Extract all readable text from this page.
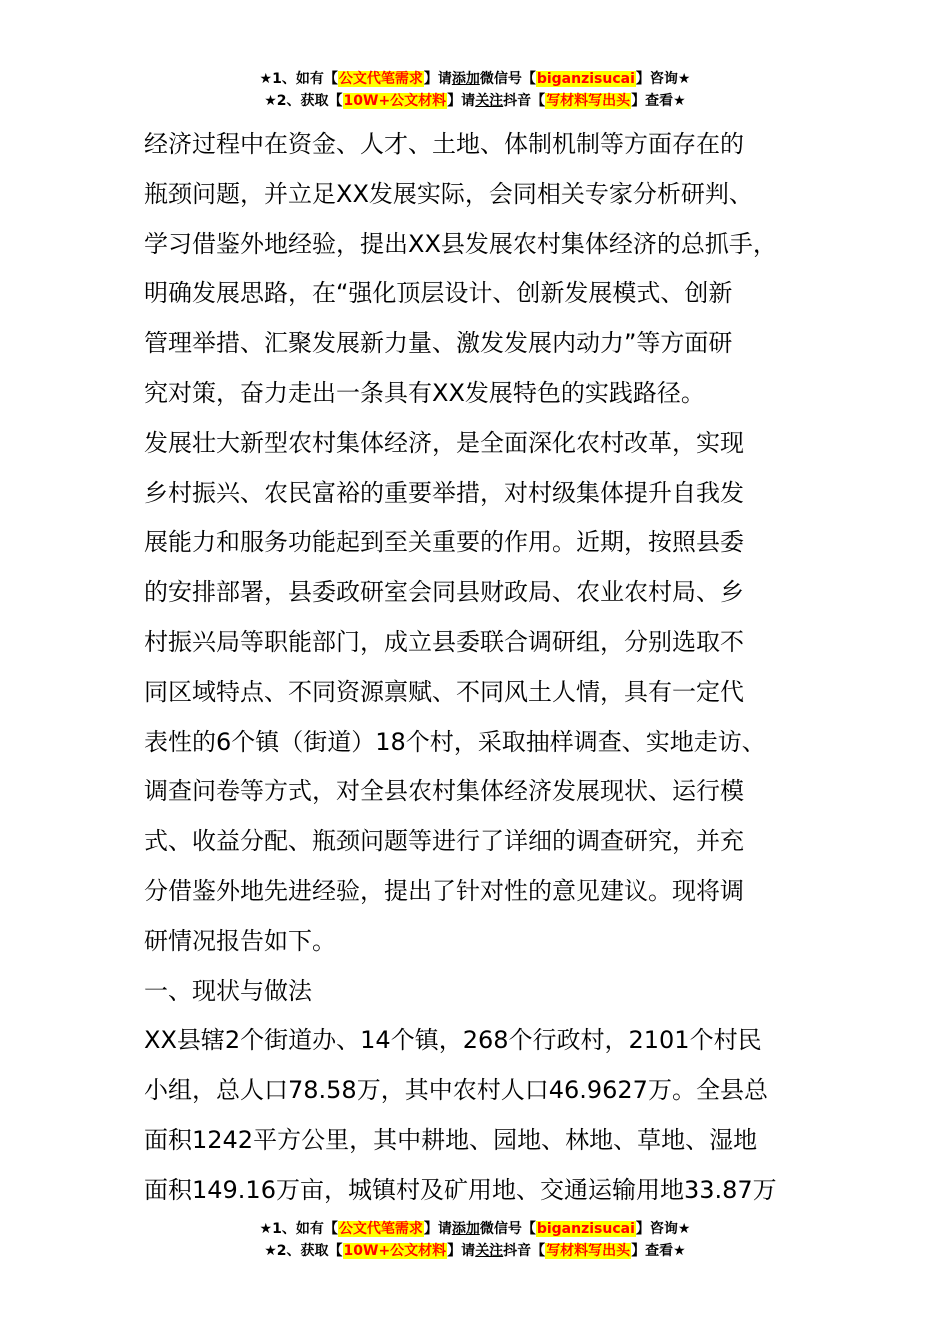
★1、如有【公文代笔需求】请添加微信号【biganzisucai】咨询★
★2、获取【10W+公文材料】请关注抖音【写材料写出头】查看★
经济过程中在资金、人才、土地、体制机制等方面存在的
瓶颈问题，并立足XX发展实际，会同相关专家分析研判、
学习借鉴外地经验，提出XX县发展农村集体经济的总抓手，
明确发展思路，在“强化顶层设计、创新发展模式、创新
管理举措、汇聚发展新力量、激发发展内动力”等方面研
究对策，奋力走出一条具有XX发展特色的实践路径。
发展壮大新型农村集体经济，是全面深化农村改革，实现
乡村振兴、农民富裕的重要举措，对村级集体提升自我发
展能力和服务功能起到至关重要的作用。近期，按照县委
的安排部署，县委政研室会同县财政局、农业农村局、乡
村振兴局等职能部门，成立县委联合调研组，分别选取不
同区域特点、不同资源禀赋、不同风土人情，具有一定代
表性的6个镇（街道）18个村，采取抽样调查、实地走访、
调查问卷等方式，对全县农村集体经济发展现状、运行模
式、收益分配、瓶颈问题等进行了详细的调查研究，并充
分借鉴外地先进经验，提出了针对性的意见建议。现将调
研情况报告如下。
一、现状与做法
XX县辖2个街道办、14个镇，268个行政村，2101个村民
小组，总人口78.58万，其中农村人口46.9627万。全县总
面积1242平方公里，其中耕地、园地、林地、草地、湿地
面积149.16万亩，城镇村及矿用地、交通运输用地33.87万
★1、如有【公文代笔需求】请添加微信号【biganzisucai】咨询★
★2、获取【10W+公文材料】请关注抖音【写材料写出头】查看★
